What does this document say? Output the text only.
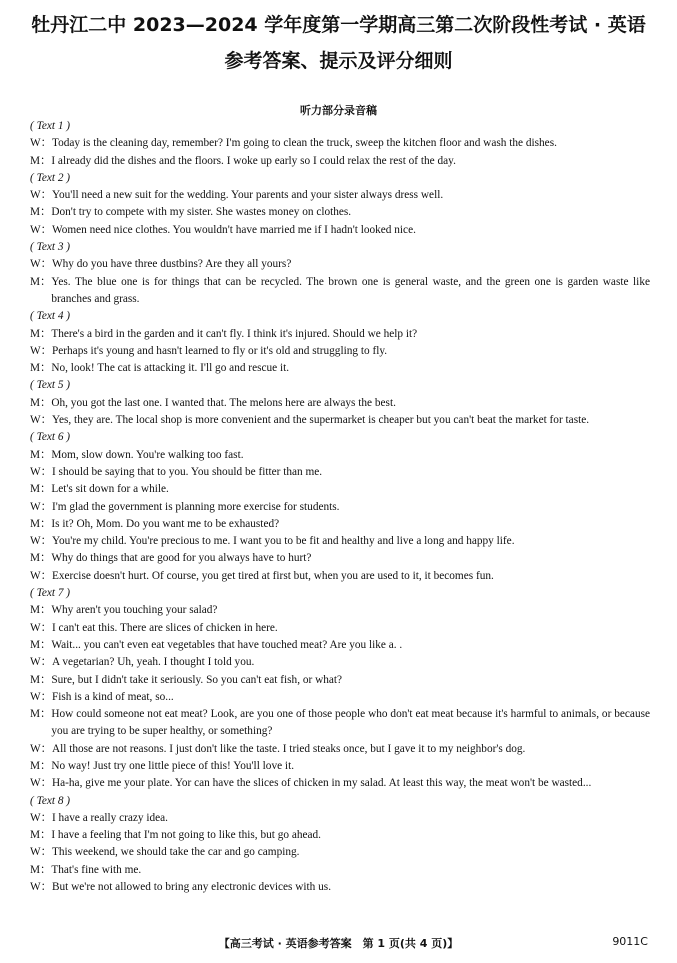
牡丹江二中 2023—2024 学年度第一学期高三第二次阶段性考试 · 英语
参考答案、提示及评分细则
听力部分录音稿
( Text 1 )
W： Today is the cleaning day, remember? I'm going to clean the truck, sweep the kitchen floor and wash the dishes.
M： I already did the dishes and the floors. I woke up early so I could relax the rest of the day.
( Text 2 )
W： You'll need a new suit for the wedding. Your parents and your sister always dress well.
M： Don't try to compete with my sister. She wastes money on clothes.
W： Women need nice clothes. You wouldn't have married me if I hadn't looked nice.
( Text 3 )
W： Why do you have three dustbins? Are they all yours?
M： Yes. The blue one is for things that can be recycled. The brown one is general waste, and the green one is garden waste like branches and grass.
( Text 4 )
M： There's a bird in the garden and it can't fly. I think it's injured. Should we help it?
W： Perhaps it's young and hasn't learned to fly or it's old and struggling to fly.
M： No, look! The cat is attacking it. I'll go and rescue it.
( Text 5 )
M： Oh, you got the last one. I wanted that. The melons here are always the best.
W： Yes, they are. The local shop is more convenient and the supermarket is cheaper but you can't beat the market for taste.
( Text 6 )
M： Mom, slow down. You're walking too fast.
W： I should be saying that to you. You should be fitter than me.
M： Let's sit down for a while.
W： I'm glad the government is planning more exercise for students.
M： Is it? Oh, Mom. Do you want me to be exhausted?
W： You're my child. You're precious to me. I want you to be fit and healthy and live a long and happy life.
M： Why do things that are good for you always have to hurt?
W： Exercise doesn't hurt. Of course, you get tired at first but, when you are used to it, it becomes fun.
( Text 7 )
M： Why aren't you touching your salad?
W： I can't eat this. There are slices of chicken in here.
M： Wait... you can't even eat vegetables that have touched meat? Are you like a. .
W： A vegetarian? Uh, yeah. I thought I told you.
M： Sure, but I didn't take it seriously. So you can't eat fish, or what?
W： Fish is a kind of meat, so...
M： How could someone not eat meat? Look, are you one of those people who don't eat meat because it's harmful to animals, or because you are trying to be super healthy, or something?
W： All those are not reasons. I just don't like the taste. I tried steaks once, but I gave it to my neighbor's dog.
M： No way! Just try one little piece of this! You'll love it.
W： Ha-ha, give me your plate. Yor can have the slices of chicken in my salad. At least this way, the meat won't be wasted...
( Text 8 )
W： I have a really crazy idea.
M： I have a feeling that I'm not going to like this, but go ahead.
W： This weekend, we should take the car and go camping.
M： That's fine with me.
W： But we're not allowed to bring any electronic devices with us.
【高三考试 · 英语参考答案　第 1 页(共 4 页)】	9011C
